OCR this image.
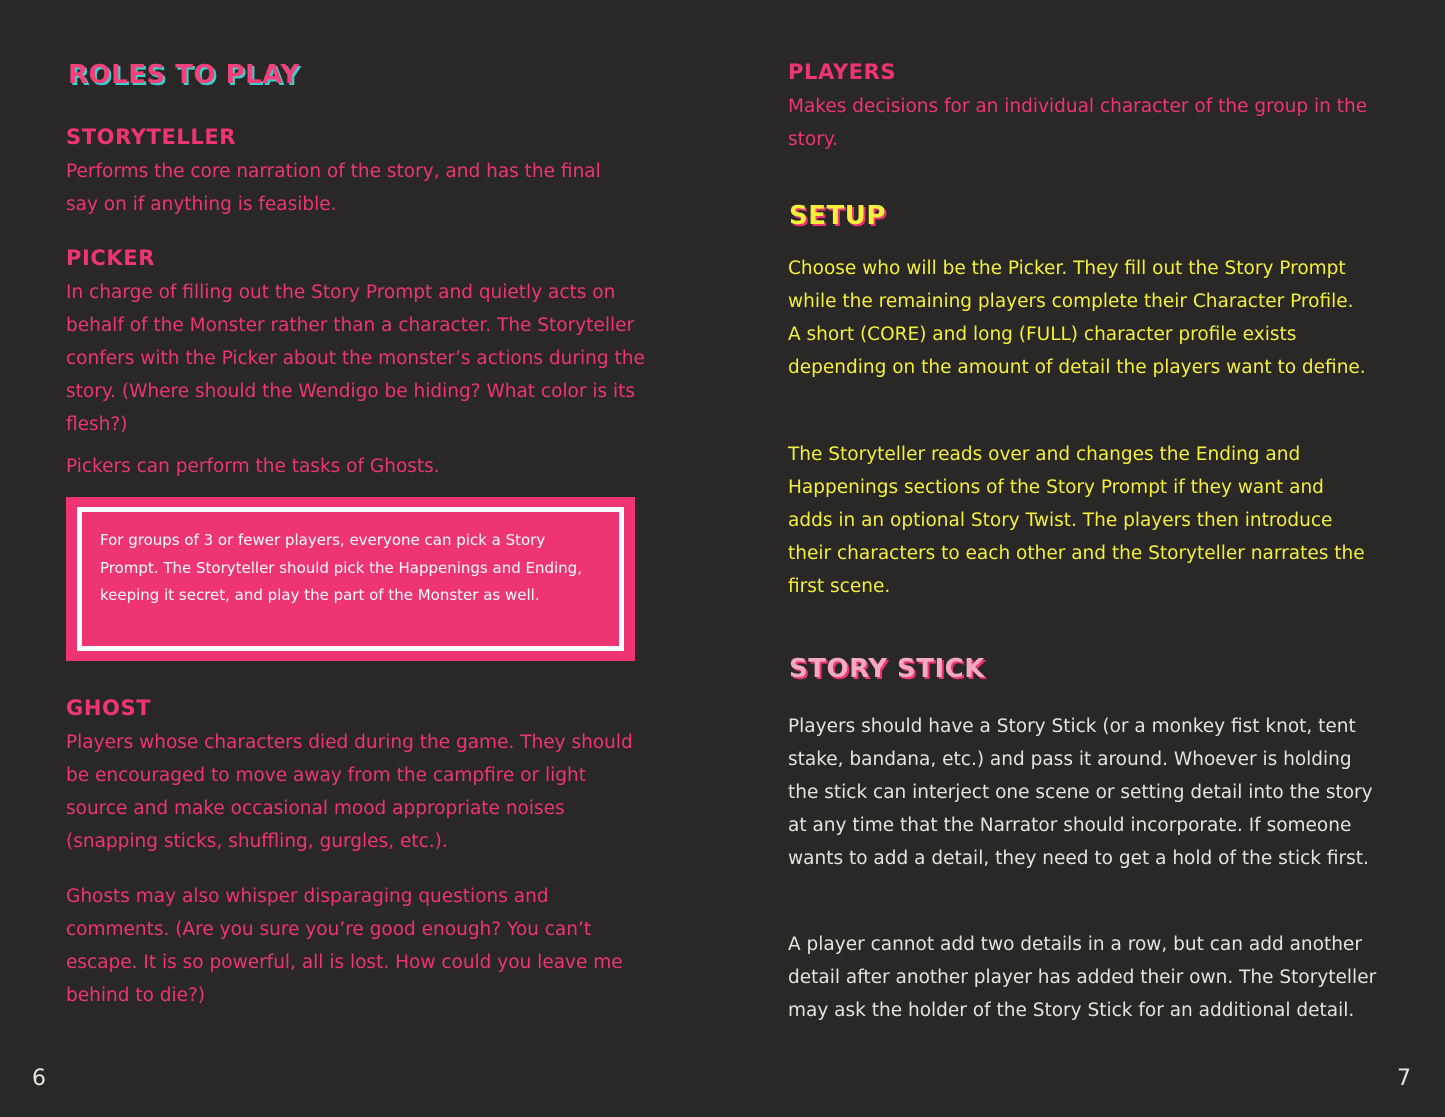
ROLES TO PLAY
STORYTELLER

Performs the core narration of the story, and has the final say on if anything is feasible.

PICKER

In charge of filling out the Story Prompt and quietly acts on behalf of the Monster rather than a character. The Storyteller confers with the Picker about the monster’s actions during the story. (Where should the Wendigo be hiding? What color is its flesh?)

Pickers can perform the tasks of Ghosts.

For groups of 3 or fewer players, everyone can pick a Story Prompt. The Storyteller should pick the Happenings and Ending, keeping it secret, and play the part of the Monster as well.

GHOST

Players whose characters died during the game. They should be encouraged to move away from the campfire or light source and make occasional mood appropriate noises (snapping sticks, shuffling, gurgles, etc.).

Ghosts may also whisper disparaging questions and comments. (Are you sure you’re good enough? You can’t escape. It is so powerful, all is lost. How could you leave me behind to die?)

6
PLAYERS

Makes decisions for an individual character of the group in the story.

SETUP

Choose who will be the Picker. They fill out the Story Prompt while the remaining players complete their Character Profile. A short (CORE) and long (FULL) character profile exists depending on the amount of detail the players want to define.

The Storyteller reads over and changes the Ending and Happenings sections of the Story Prompt if they want and adds in an optional Story Twist. The players then introduce their characters to each other and the Storyteller narrates the first scene.

STORY STICK

Players should have a Story Stick (or a monkey fist knot, tent stake, bandana, etc.) and pass it around. Whoever is holding the stick can interject one scene or setting detail into the story at any time that the Narrator should incorporate. If someone wants to add a detail, they need to get a hold of the stick first.

A player cannot add two details in a row, but can add another detail after another player has added their own. The Storyteller may ask the holder of the Story Stick for an additional detail.

7
